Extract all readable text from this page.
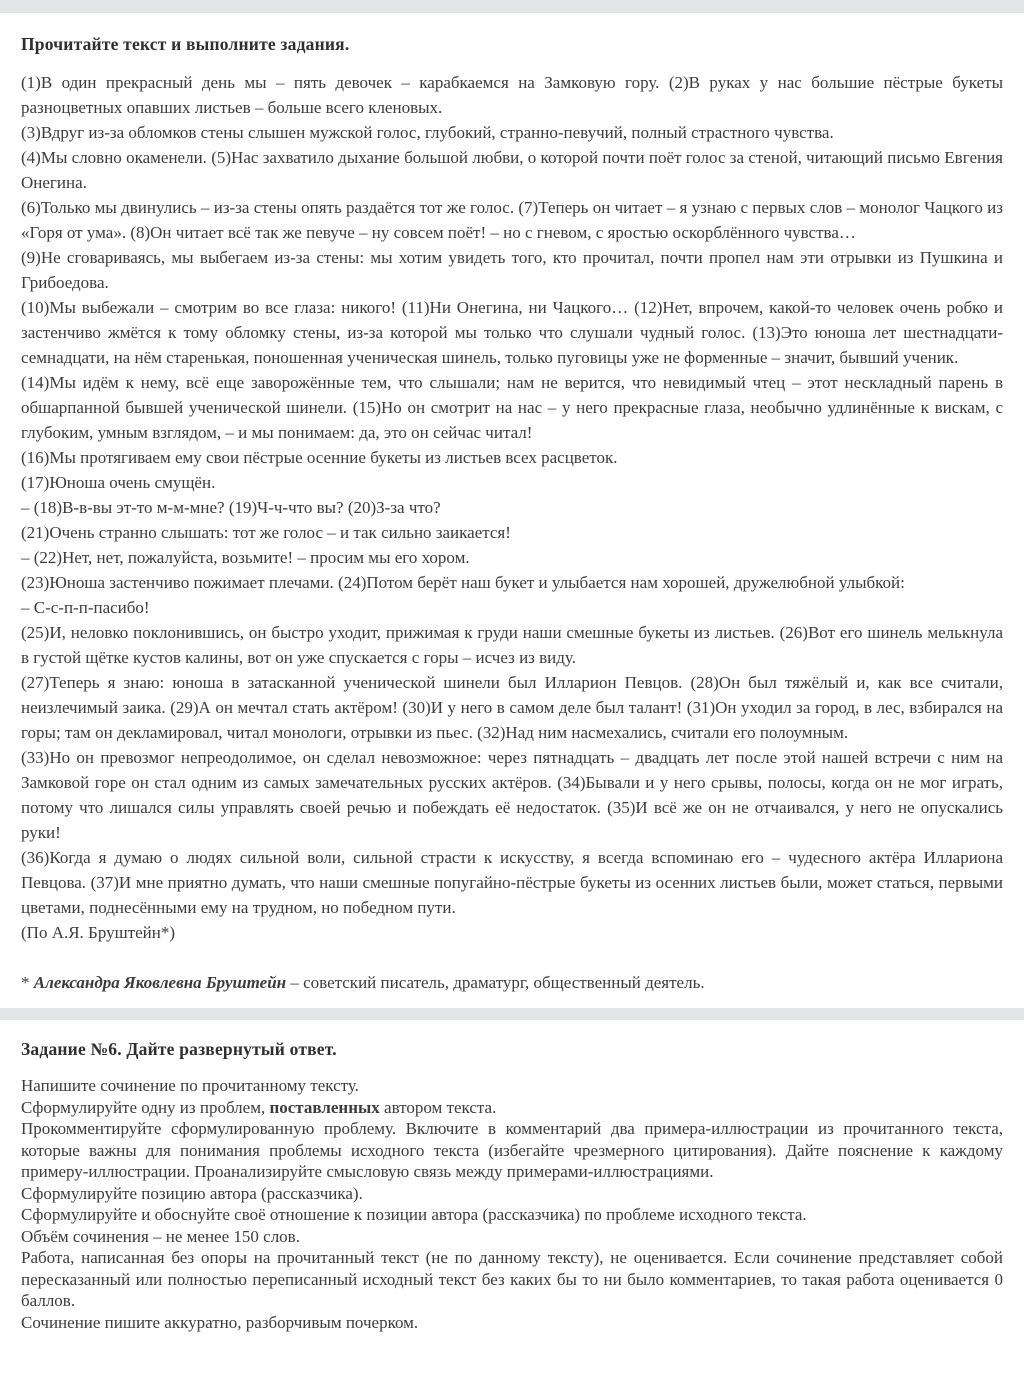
Прочитайте текст и выполните задания.

(1)В один прекрасный день мы – пять девочек – карабкаемся на Замковую гору. (2)В руках у нас большие пёстрые букеты разноцветных опавших листьев – больше всего кленовых.

(3)Вдруг из-за обломков стены слышен мужской голос, глубокий, странно-певучий, полный страстного чувства.

(4)Мы словно окаменели. (5)Нас захватило дыхание большой любви, о которой почти поёт голос за стеной, читающий письмо Евгения Онегина.

(6)Только мы двинулись – из-за стены опять раздаётся тот же голос. (7)Теперь он читает – я узнаю с первых слов – монолог Чацкого из «Горя от ума». (8)Он читает всё так же певуче – ну совсем поёт! – но с гневом, с яростью оскорблённого чувства…

(9)Не сговариваясь, мы выбегаем из-за стены: мы хотим увидеть того, кто прочитал, почти пропел нам эти отрывки из Пушкина и Грибоедова.

(10)Мы выбежали – смотрим во все глаза: никого! (11)Ни Онегина, ни Чацкого… (12)Нет, впрочем, какой-то человек очень робко и застенчиво жмётся к тому обломку стены, из-за которой мы только что слушали чудный голос. (13)Это юноша лет шестнадцати-семнадцати, на нём старенькая, поношенная ученическая шинель, только пуговицы уже не форменные – значит, бывший ученик.

(14)Мы идём к нему, всё еще заворожённые тем, что слышали; нам не верится, что невидимый чтец – этот нескладный парень в обшарпанной бывшей ученической шинели. (15)Но он смотрит на нас – у него прекрасные глаза, необычно удлинённые к вискам, с глубоким, умным взглядом, – и мы понимаем: да, это он сейчас читал!

(16)Мы протягиваем ему свои пёстрые осенние букеты из листьев всех расцветок.

(17)Юноша очень смущён.

– (18)В-в-вы эт-то м-м-мне? (19)Ч-ч-что вы? (20)З-за что?

(21)Очень странно слышать: тот же голос – и так сильно заикается!

– (22)Нет, нет, пожалуйста, возьмите! – просим мы его хором.

(23)Юноша застенчиво пожимает плечами. (24)Потом берёт наш букет и улыбается нам хорошей, дружелюбной улыбкой:

– С-с-п-п-пасибо!

(25)И, неловко поклонившись, он быстро уходит, прижимая к груди наши смешные букеты из листьев. (26)Вот его шинель мелькнула в густой щётке кустов калины, вот он уже спускается с горы – исчез из виду.

(27)Теперь я знаю: юноша в затасканной ученической шинели был Илларион Певцов. (28)Он был тяжёлый и, как все считали, неизлечимый заика. (29)А он мечтал стать актёром! (30)И у него в самом деле был талант! (31)Он уходил за город, в лес, взбирался на горы; там он декламировал, читал монологи, отрывки из пьес. (32)Над ним насмехались, считали его полоумным.

(33)Но он превозмог непреодолимое, он сделал невозможное: через пятнадцать – двадцать лет после этой нашей встречи с ним на Замковой горе он стал одним из самых замечательных русских актёров. (34)Бывали и у него срывы, полосы, когда он не мог играть, потому что лишался силы управлять своей речью и побеждать её недостаток. (35)И всё же он не отчаивался, у него не опускались руки!

(36)Когда я думаю о людях сильной воли, сильной страсти к искусству, я всегда вспоминаю его – чудесного актёра Иллариона Певцова. (37)И мне приятно думать, что наши смешные попугайно-пёстрые букеты из осенних листьев были, может статься, первыми цветами, поднесёнными ему на трудном, но победном пути.

(По А.Я. Бруштейн*)

* Александра Яковлевна Бруштейн – советский писатель, драматург, общественный деятель.

Задание №6. Дайте развернутый ответ.

Напишите сочинение по прочитанному тексту.

Сформулируйте одну из проблем, поставленных автором текста.

Прокомментируйте сформулированную проблему. Включите в комментарий два примера-иллюстрации из прочитанного текста, которые важны для понимания проблемы исходного текста (избегайте чрезмерного цитирования). Дайте пояснение к каждому примеру-иллюстрации. Проанализируйте смысловую связь между примерами-иллюстрациями.

Сформулируйте позицию автора (рассказчика).

Сформулируйте и обоснуйте своё отношение к позиции автора (рассказчика) по проблеме исходного текста.

Объём сочинения – не менее 150 слов.

Работа, написанная без опоры на прочитанный текст (не по данному тексту), не оценивается. Если сочинение представляет собой пересказанный или полностью переписанный исходный текст без каких бы то ни было комментариев, то такая работа оценивается 0 баллов.

Сочинение пишите аккуратно, разборчивым почерком.
